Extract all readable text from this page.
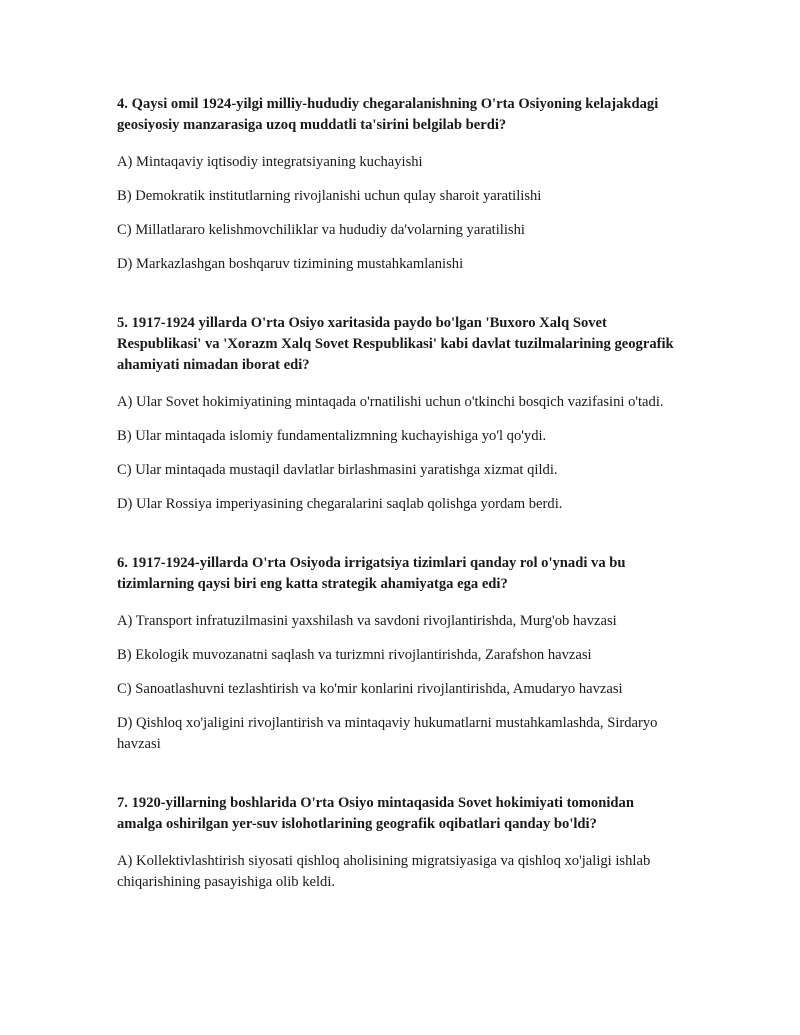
4. Qaysi omil 1924-yilgi milliy-hududiy chegaralanishning O'rta Osiyoning kelajakdagi geosiyosiy manzarasiga uzoq muddatli ta'sirini belgilab berdi?
A) Mintaqaviy iqtisodiy integratsiyaning kuchayishi
B) Demokratik institutlarning rivojlanishi uchun qulay sharoit yaratilishi
C) Millatlararo kelishmovchiliklar va hududiy da'volarning yaratilishi
D) Markazlashgan boshqaruv tizimining mustahkamlanishi
5. 1917-1924 yillarda O'rta Osiyo xaritasida paydo bo'lgan 'Buxoro Xalq Sovet Respublikasi' va 'Xorazm Xalq Sovet Respublikasi' kabi davlat tuzilmalarining geografik ahamiyati nimadan iborat edi?
A) Ular Sovet hokimiyatining mintaqada o'rnatilishi uchun o'tkinchi bosqich vazifasini o'tadi.
B) Ular mintaqada islomiy fundamentalizmning kuchayishiga yo'l qo'ydi.
C) Ular mintaqada mustaqil davlatlar birlashmasini yaratishga xizmat qildi.
D) Ular Rossiya imperiyasining chegaralarini saqlab qolishga yordam berdi.
6. 1917-1924-yillarda O'rta Osiyoda irrigatsiya tizimlari qanday rol o'ynadi va bu tizimlarning qaysi biri eng katta strategik ahamiyatga ega edi?
A) Transport infratuzilmasini yaxshilash va savdoni rivojlantirishda, Murg'ob havzasi
B) Ekologik muvozanatni saqlash va turizmni rivojlantirishda, Zarafshon havzasi
C) Sanoatlashuvni tezlashtirish va ko'mir konlarini rivojlantirishda, Amudaryo havzasi
D) Qishloq xo'jaligini rivojlantirish va mintaqaviy hukumatlarni mustahkamlashda, Sirdaryo havzasi
7. 1920-yillarning boshlarida O'rta Osiyo mintaqasida Sovet hokimiyati tomonidan amalga oshirilgan yer-suv islohotlarining geografik oqibatlari qanday bo'ldi?
A) Kollektivlashtirish siyosati qishloq aholisining migratsiyasiga va qishloq xo'jaligi ishlab chiqarishining pasayishiga olib keldi.
